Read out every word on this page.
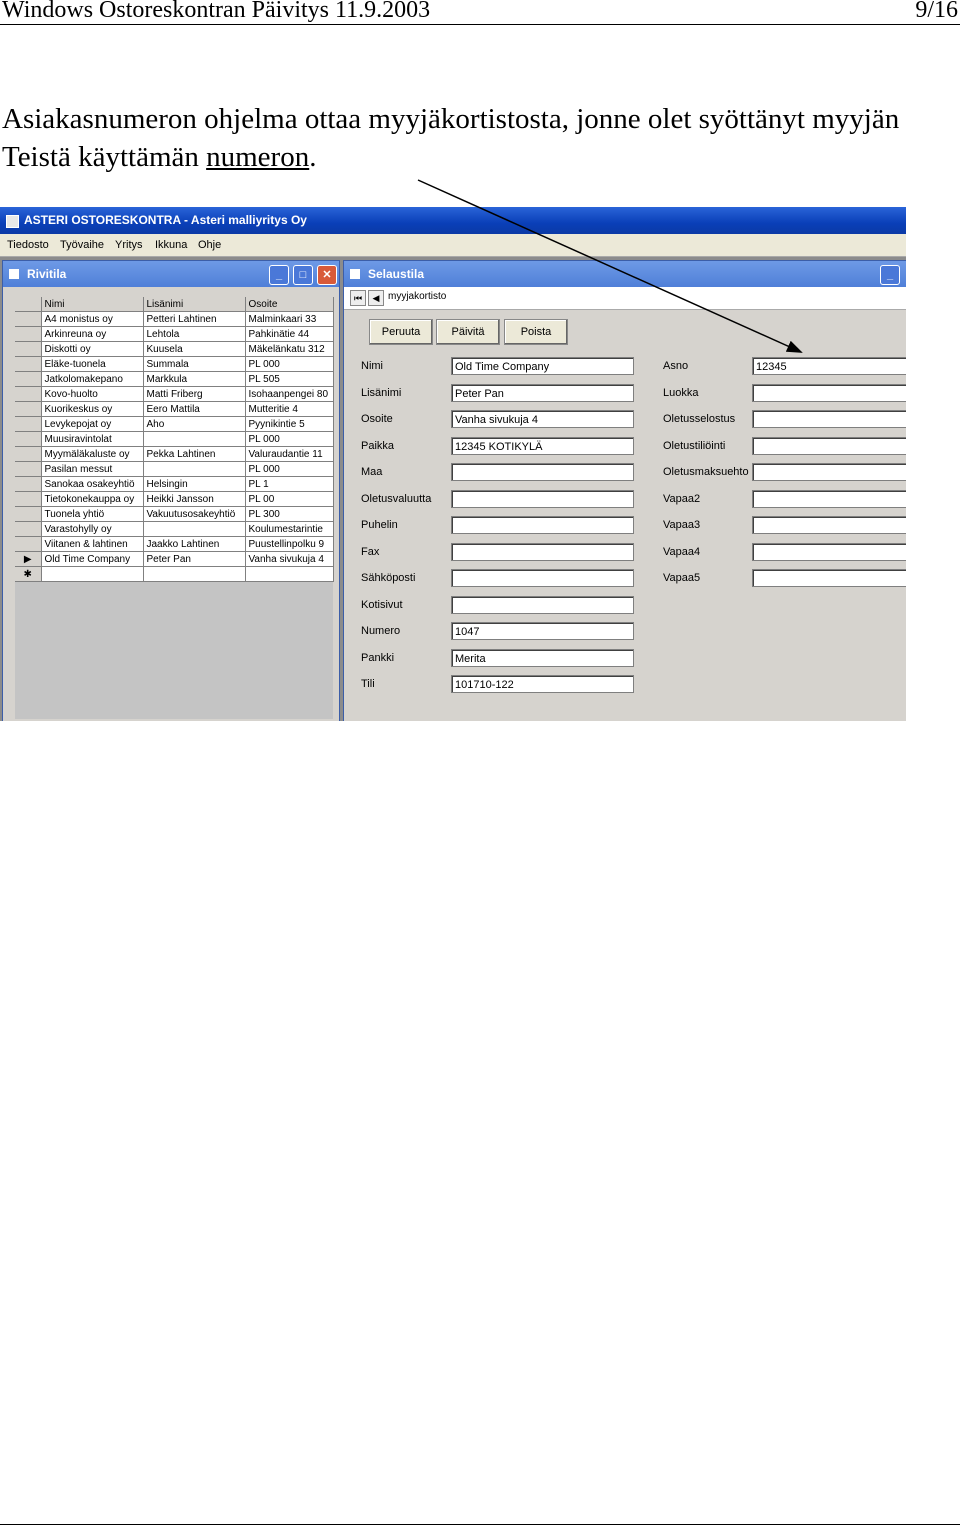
Windows Ostoreskontran Päivitys 11.9.2003	9/16
Asiakasnumeron ohjelma ottaa myyjäkortistosta, jonne olet syöttänyt myyjän Teistä käyttämän numeron.
ASTERI OSTORESKONTRA - Asteri malliyritys Oy
Tiedosto Työvaihe Yritys Ikkuna Ohje
Rivitila	_	□	✕
	Nimi	Lisänimi	Osoite
	A4 monistus oy	Petteri Lahtinen	Malminkaari 33
	Arkinreuna oy	Lehtola	Pahkinätie 44
	Diskotti oy	Kuusela	Mäkelänkatu 312
	Eläke-tuonela	Summala	PL 000
	Jatkolomakepano	Markkula	PL 505
	Kovo-huolto	Matti Friberg	Isohaanpengei 80
	Kuorikeskus oy	Eero Mattila	Mutteritie 4
	Levykepojat oy	Aho	Pyynikintie 5
	Muusiravintolat		PL 000
	Myymäläkaluste oy	Pekka Lahtinen	Valuraudantie 11
	Pasilan messut		PL 000
	Sanokaa osakeyhtiö	Helsingin	PL 1
	Tietokonekauppa oy	Heikki Jansson	PL 00
	Tuonela yhtiö	Vakuutusosakeyhtiö	PL 300
	Varastohylly oy		Koulumestarintie
	Viitanen & lahtinen	Jaakko Lahtinen	Puustellinpolku 9
▶	Old Time Company	Peter Pan	Vanha sivukuja 4
✱			
Selaustila	_
⏮	◀ myyjakortisto
Peruuta	Päivitä	Poista
Nimi	Old Time Company
Lisänimi	Peter Pan
Osoite	Vanha sivukuja 4
Paikka	12345 KOTIKYLÄ
Maa
Oletusvaluutta
Puhelin
Fax
Sähköposti
Kotisivut
Numero	1047
Pankki	Merita
Tili	101710-122
Asno	12345
Luokka
Oletusselostus
Oletustiliöinti
Oletusmaksuehto
Vapaa2
Vapaa3
Vapaa4
Vapaa5
